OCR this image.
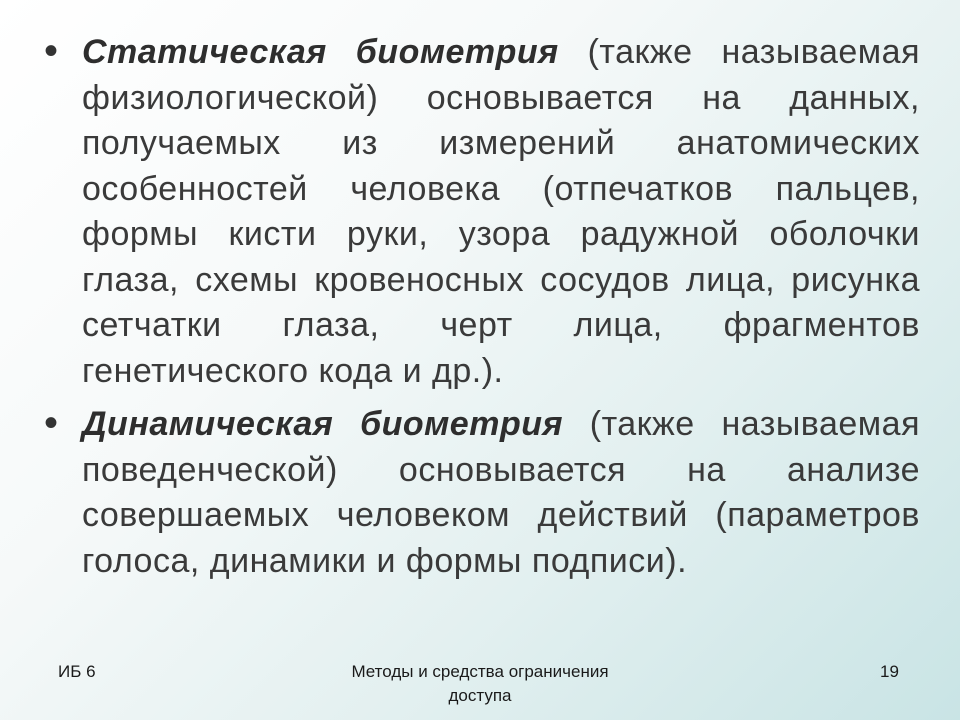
• Статическая биометрия (также называемая физиологической) основывается на данных, получаемых из измерений анатомических особенностей человека (отпечатков пальцев, формы кисти руки, узора радужной оболочки глаза, схемы кровеносных сосудов лица, рисунка сетчатки глаза, черт лица, фрагментов генетического кода и др.).
• Динамическая биометрия (также называемая поведенческой) основывается на анализе совершаемых человеком действий (параметров голоса, динамики и формы подписи).
ИБ 6	Методы и средства ограничения доступа
19
